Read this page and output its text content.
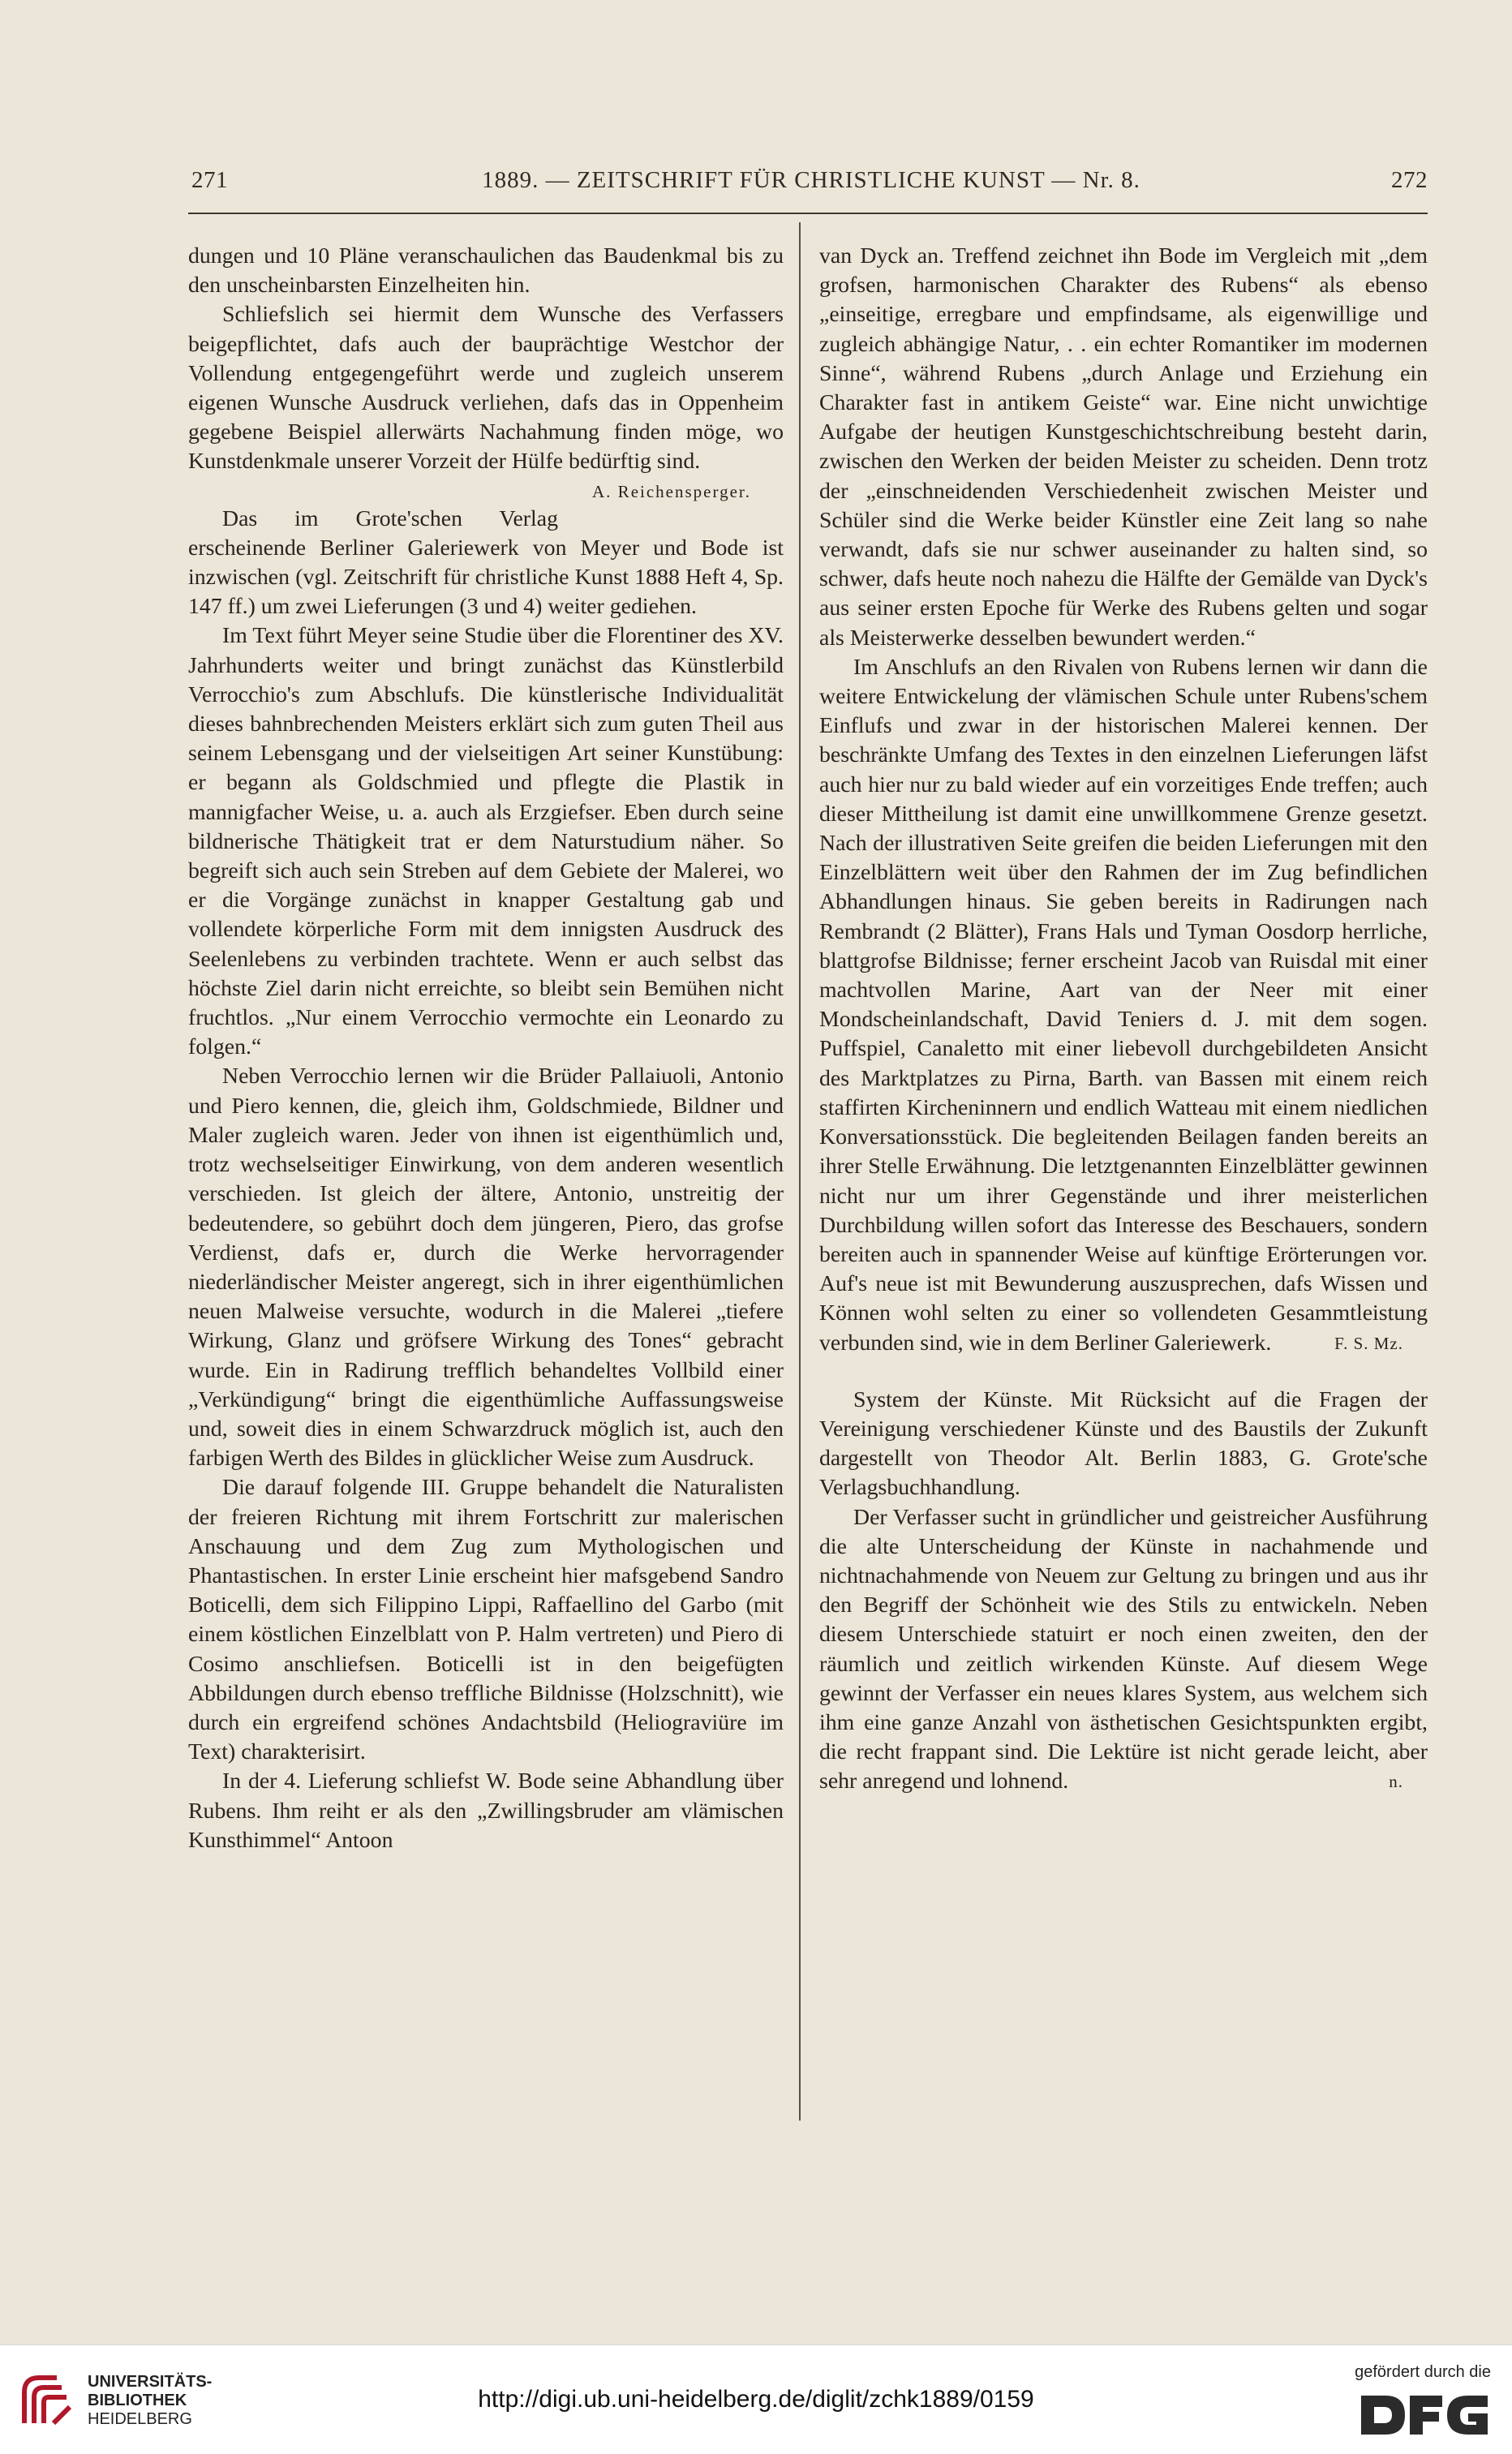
271	1889. — ZEITSCHRIFT FÜR CHRISTLICHE KUNST — Nr. 8.	272

dungen und 10 Pläne veranschaulichen das Baudenkmal bis zu den unscheinbarsten Einzelheiten hin.

Schliefslich sei hiermit dem Wunsche des Verfassers beigepflichtet, dafs auch der bauprächtige Westchor der Vollendung entgegengeführt werde und zugleich unserem eigenen Wunsche Ausdruck verliehen, dafs das in Oppenheim gegebene Beispiel allerwärts Nachahmung finden möge, wo Kunstdenkmale unserer Vorzeit der Hülfe bedürftig sind.
A. Reichensperger.

Das im Grote'schen Verlag erscheinende Berliner Galeriewerk von Meyer und Bode ist inzwischen (vgl. Zeitschrift für christliche Kunst 1888 Heft 4, Sp. 147 ff.) um zwei Lieferungen (3 und 4) weiter gediehen.

Im Text führt Meyer seine Studie über die Florentiner des XV. Jahrhunderts weiter und bringt zunächst das Künstlerbild Verrocchio's zum Abschlufs. Die künstlerische Individualität dieses bahnbrechenden Meisters erklärt sich zum guten Theil aus seinem Lebensgang und der vielseitigen Art seiner Kunstübung: er begann als Goldschmied und pflegte die Plastik in mannigfacher Weise, u. a. auch als Erzgiefser. Eben durch seine bildnerische Thätigkeit trat er dem Naturstudium näher. So begreift sich auch sein Streben auf dem Gebiete der Malerei, wo er die Vorgänge zunächst in knapper Gestaltung gab und vollendete körperliche Form mit dem innigsten Ausdruck des Seelenlebens zu verbinden trachtete. Wenn er auch selbst das höchste Ziel darin nicht erreichte, so bleibt sein Bemühen nicht fruchtlos. „Nur einem Verrocchio vermochte ein Leonardo zu folgen.“

Neben Verrocchio lernen wir die Brüder Pallaiuoli, Antonio und Piero kennen, die, gleich ihm, Goldschmiede, Bildner und Maler zugleich waren. Jeder von ihnen ist eigenthümlich und, trotz wechselseitiger Einwirkung, von dem anderen wesentlich verschieden. Ist gleich der ältere, Antonio, unstreitig der bedeutendere, so gebührt doch dem jüngeren, Piero, das grofse Verdienst, dafs er, durch die Werke hervorragender niederländischer Meister angeregt, sich in ihrer eigenthümlichen neuen Malweise versuchte, wodurch in die Malerei „tiefere Wirkung, Glanz und gröfsere Wirkung des Tones“ gebracht wurde. Ein in Radirung trefflich behandeltes Vollbild einer „Verkündigung“ bringt die eigenthümliche Auffassungsweise und, soweit dies in einem Schwarzdruck möglich ist, auch den farbigen Werth des Bildes in glücklicher Weise zum Ausdruck.

Die darauf folgende III. Gruppe behandelt die Naturalisten der freieren Richtung mit ihrem Fortschritt zur malerischen Anschauung und dem Zug zum Mythologischen und Phantastischen. In erster Linie erscheint hier mafsgebend Sandro Boticelli, dem sich Filippino Lippi, Raffaellino del Garbo (mit einem köstlichen Einzelblatt von P. Halm vertreten) und Piero di Cosimo anschliefsen. Boticelli ist in den beigefügten Abbildungen durch ebenso treffliche Bildnisse (Holzschnitt), wie durch ein ergreifend schönes Andachtsbild (Heliograviüre im Text) charakterisirt.

In der 4. Lieferung schliefst W. Bode seine Abhandlung über Rubens. Ihm reiht er als den „Zwillingsbruder am vlämischen Kunsthimmel“ Antoon

van Dyck an. Treffend zeichnet ihn Bode im Vergleich mit „dem grofsen, harmonischen Charakter des Rubens“ als ebenso „einseitige, erregbare und empfindsame, als eigenwillige und zugleich abhängige Natur, . . ein echter Romantiker im modernen Sinne“, während Rubens „durch Anlage und Erziehung ein Charakter fast in antikem Geiste“ war. Eine nicht unwichtige Aufgabe der heutigen Kunstgeschichtschreibung besteht darin, zwischen den Werken der beiden Meister zu scheiden. Denn trotz der „einschneidenden Verschiedenheit zwischen Meister und Schüler sind die Werke beider Künstler eine Zeit lang so nahe verwandt, dafs sie nur schwer auseinander zu halten sind, so schwer, dafs heute noch nahezu die Hälfte der Gemälde van Dyck's aus seiner ersten Epoche für Werke des Rubens gelten und sogar als Meisterwerke desselben bewundert werden.“

Im Anschlufs an den Rivalen von Rubens lernen wir dann die weitere Entwickelung der vlämischen Schule unter Rubens'schem Einflufs und zwar in der historischen Malerei kennen. Der beschränkte Umfang des Textes in den einzelnen Lieferungen läfst auch hier nur zu bald wieder auf ein vorzeitiges Ende treffen; auch dieser Mittheilung ist damit eine unwillkommene Grenze gesetzt. Nach der illustrativen Seite greifen die beiden Lieferungen mit den Einzelblättern weit über den Rahmen der im Zug befindlichen Abhandlungen hinaus. Sie geben bereits in Radirungen nach Rembrandt (2 Blätter), Frans Hals und Tyman Oosdorp herrliche, blattgrofse Bildnisse; ferner erscheint Jacob van Ruisdal mit einer machtvollen Marine, Aart van der Neer mit einer Mondscheinlandschaft, David Teniers d. J. mit dem sogen. Puffspiel, Canaletto mit einer liebevoll durchgebildeten Ansicht des Marktplatzes zu Pirna, Barth. van Bassen mit einem reich staffirten Kircheninnern und endlich Watteau mit einem niedlichen Konversationsstück. Die begleitenden Beilagen fanden bereits an ihrer Stelle Erwähnung. Die letztgenannten Einzelblätter gewinnen nicht nur um ihrer Gegenstände und ihrer meisterlichen Durchbildung willen sofort das Interesse des Beschauers, sondern bereiten auch in spannender Weise auf künftige Erörterungen vor. Auf's neue ist mit Bewunderung auszusprechen, dafs Wissen und Können wohl selten zu einer so vollendeten Gesammtleistung verbunden sind, wie in dem Berliner Galeriewerk.	F. S. Mz.

System der Künste. Mit Rücksicht auf die Fragen der Vereinigung verschiedener Künste und des Baustils der Zukunft dargestellt von Theodor Alt. Berlin 1883, G. Grote'sche Verlagsbuchhandlung.

Der Verfasser sucht in gründlicher und geistreicher Ausführung die alte Unterscheidung der Künste in nachahmende und nichtnachahmende von Neuem zur Geltung zu bringen und aus ihr den Begriff der Schönheit wie des Stils zu entwickeln. Neben diesem Unterschiede statuirt er noch einen zweiten, den der räumlich und zeitlich wirkenden Künste. Auf diesem Wege gewinnt der Verfasser ein neues klares System, aus welchem sich ihm eine ganze Anzahl von ästhetischen Gesichtspunkten ergibt, die recht frappant sind. Die Lektüre ist nicht gerade leicht, aber sehr anregend und lohnend.	n.

UNIVERSITÄTS-
BIBLIOTHEK
HEIDELBERG
http://digi.ub.uni-heidelberg.de/diglit/zchk1889/0159
gefördert durch die
